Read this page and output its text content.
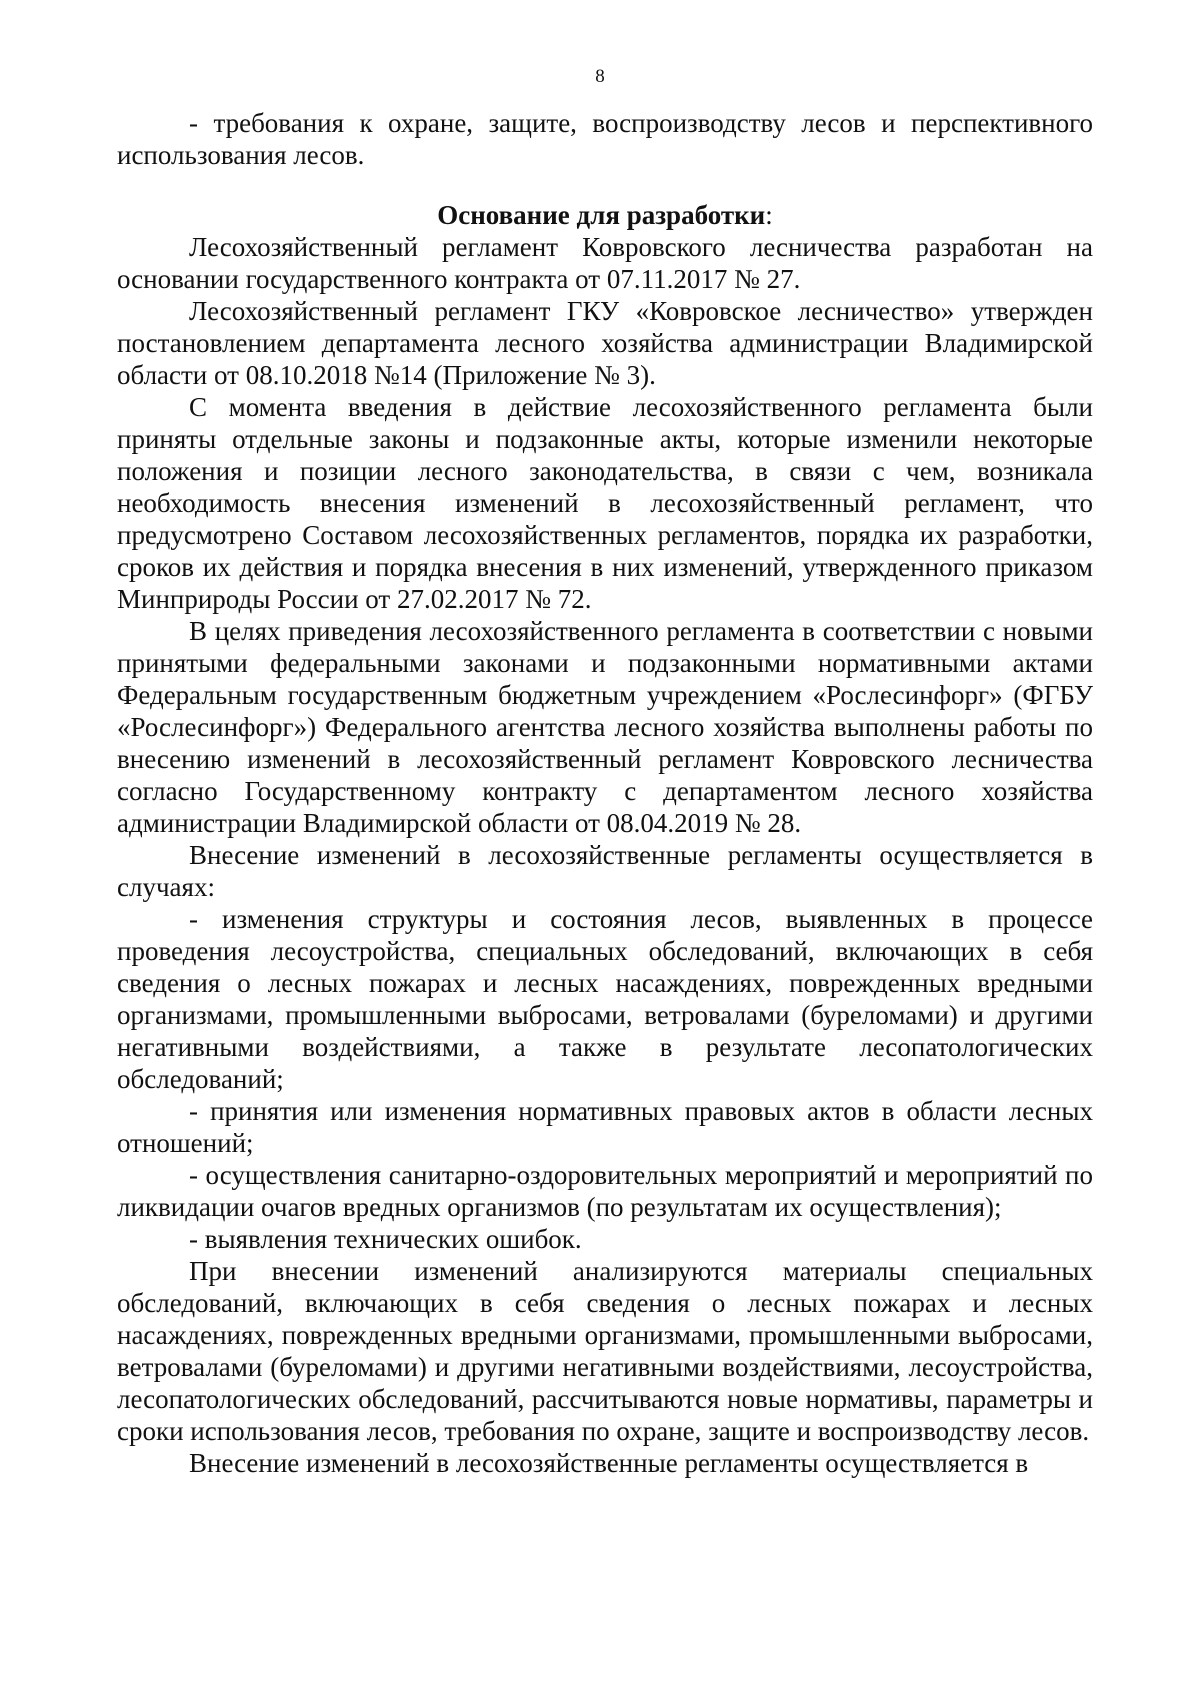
8

- требования к охране, защите, воспроизводству лесов и перспективного использования лесов.

Основание для разработки:

Лесохозяйственный регламент Ковровского лесничества разработан на основании государственного контракта от 07.11.2017 № 27.

Лесохозяйственный регламент ГКУ «Ковровское лесничество» утвержден постановлением департамента лесного хозяйства администрации Владимирской области от 08.10.2018 №14 (Приложение № 3).

С момента введения в действие лесохозяйственного регламента были приняты отдельные законы и подзаконные акты, которые изменили некоторые положения и позиции лесного законодательства, в связи с чем, возникала необходимость внесения изменений в лесохозяйственный регламент, что предусмотрено Составом лесохозяйственных регламентов, порядка их разработки, сроков их действия и порядка внесения в них изменений, утвержденного приказом Минприроды России от 27.02.2017 № 72.

В целях приведения лесохозяйственного регламента в соответствии с новыми принятыми федеральными законами и подзаконными нормативными актами Федеральным государственным бюджетным учреждением «Рослесинфорг» (ФГБУ «Рослесинфорг») Федерального агентства лесного хозяйства выполнены работы по внесению изменений в лесохозяйственный регламент Ковровского лесничества согласно Государственному контракту с департаментом лесного хозяйства администрации Владимирской области от 08.04.2019 № 28.

Внесение изменений в лесохозяйственные регламенты осуществляется в случаях:

- изменения структуры и состояния лесов, выявленных в процессе проведения лесоустройства, специальных обследований, включающих в себя сведения о лесных пожарах и лесных насаждениях, поврежденных вредными организмами, промышленными выбросами, ветровалами (буреломами) и другими негативными воздействиями, а также в результате лесопатологических обследований;

- принятия или изменения нормативных правовых актов в области лесных отношений;

- осуществления санитарно-оздоровительных мероприятий и мероприятий по ликвидации очагов вредных организмов (по результатам их осуществления);

- выявления технических ошибок.

При внесении изменений анализируются материалы специальных обследований, включающих в себя сведения о лесных пожарах и лесных насаждениях, поврежденных вредными организмами, промышленными выбросами, ветровалами (буреломами) и другими негативными воздействиями, лесоустройства, лесопатологических обследований, рассчитываются новые нормативы, параметры и сроки использования лесов, требования по охране, защите и воспроизводству лесов.

Внесение изменений в лесохозяйственные регламенты осуществляется в
